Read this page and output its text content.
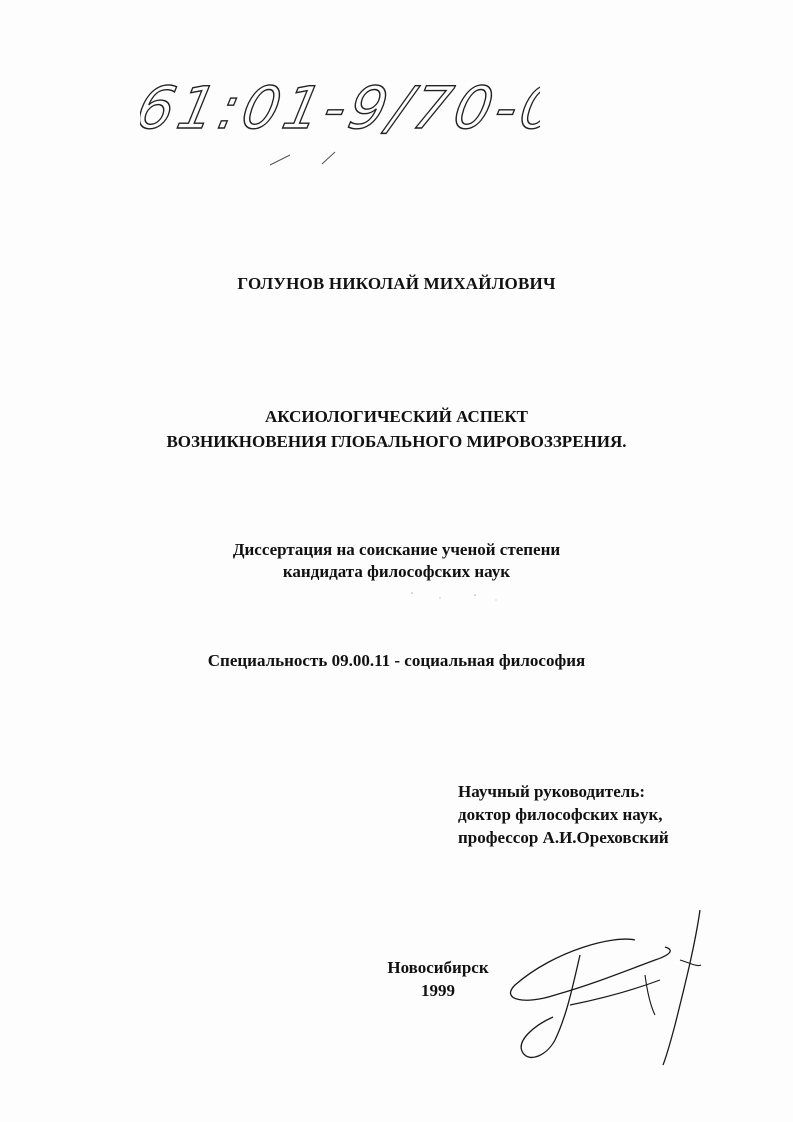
61:01-9/70-0
ГОЛУНОВ НИКОЛАЙ МИХАЙЛОВИЧ
АКСИОЛОГИЧЕСКИЙ АСПЕКТ
ВОЗНИКНОВЕНИЯ ГЛОБАЛЬНОГО МИРОВОЗЗРЕНИЯ.
Диссертация на соискание ученой степени
кандидата философских наук
Специальность 09.00.11 - социальная философия
Научный руководитель:
доктор философских наук,
профессор А.И.Ореховский
Новосибирск
1999
